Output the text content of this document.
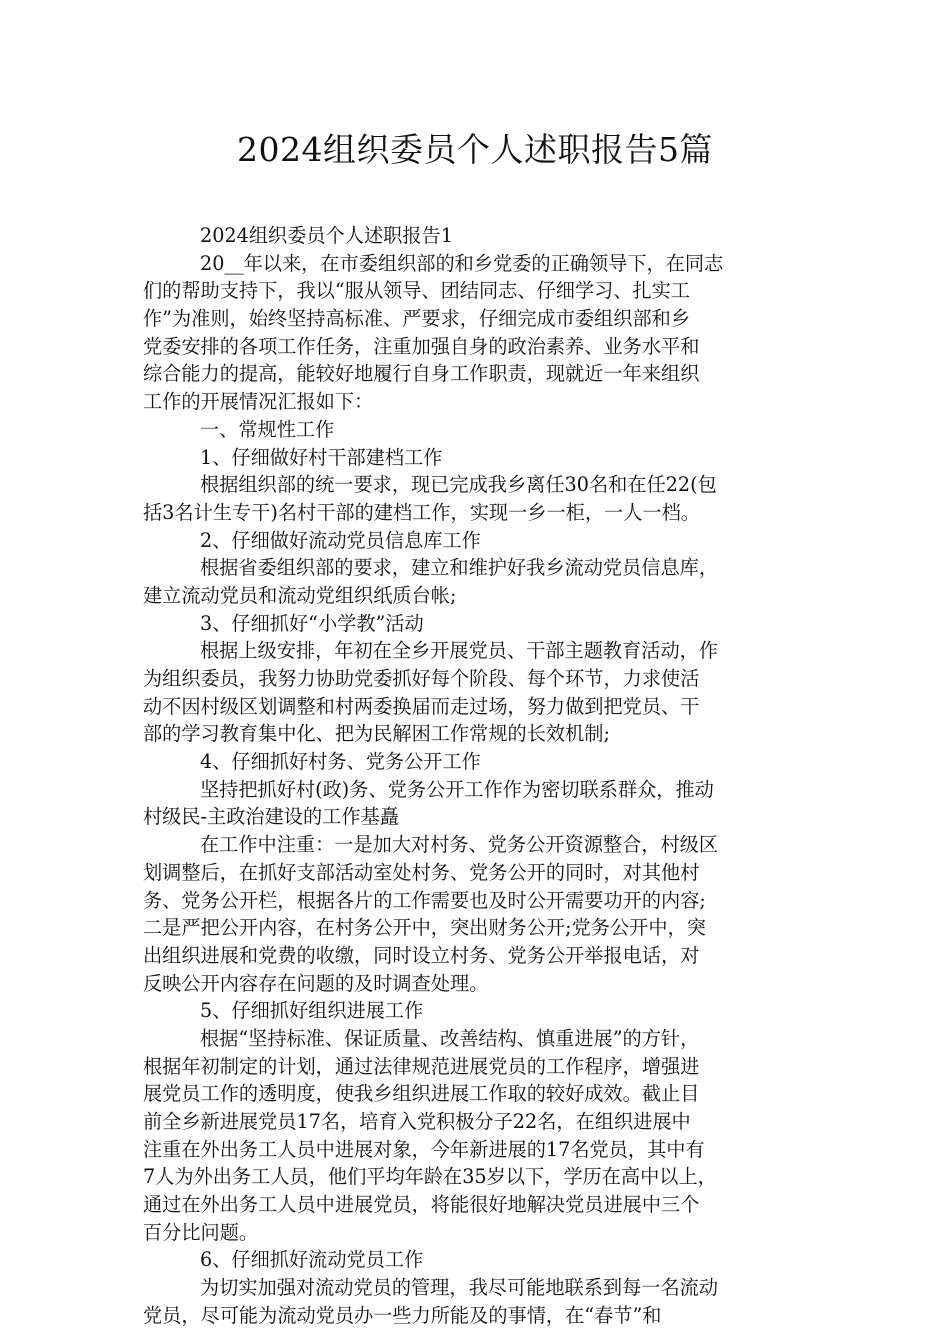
2024组织委员个人述职报告5篇
2024组织委员个人述职报告1
20__年以来，在市委组织部的和乡党委的正确领导下，在同志
们的帮助支持下，我以“服从领导、团结同志、仔细学习、扎实工
作”为准则，始终坚持高标准、严要求，仔细完成市委组织部和乡
党委安排的各项工作任务，注重加强自身的政治素养、业务水平和
综合能力的提高，能较好地履行自身工作职责，现就近一年来组织
工作的开展情况汇报如下：
一、常规性工作
1、仔细做好村干部建档工作
根据组织部的统一要求，现已完成我乡离任30名和在任22(包
括3名计生专干)名村干部的建档工作，实现一乡一柜，一人一档。
2、仔细做好流动党员信息库工作
根据省委组织部的要求，建立和维护好我乡流动党员信息库，
建立流动党员和流动党组织纸质台帐;
3、仔细抓好“小学教”活动
根据上级安排，年初在全乡开展党员、干部主题教育活动，作
为组织委员，我努力协助党委抓好每个阶段、每个环节，力求使活
动不因村级区划调整和村两委换届而走过场，努力做到把党员、干
部的学习教育集中化、把为民解困工作常规的长效机制;
4、仔细抓好村务、党务公开工作
坚持把抓好村(政)务、党务公开工作作为密切联系群众，推动
村级民-主政治建设的工作基矗
在工作中注重：一是加大对村务、党务公开资源整合，村级区
划调整后，在抓好支部活动室处村务、党务公开的同时，对其他村
务、党务公开栏，根据各片的工作需要也及时公开需要功开的内容;
二是严把公开内容，在村务公开中，突出财务公开;党务公开中，突
出组织进展和党费的收缴，同时设立村务、党务公开举报电话，对
反映公开内容存在问题的及时调查处理。
5、仔细抓好组织进展工作
根据“坚持标准、保证质量、改善结构、慎重进展”的方针，
根据年初制定的计划，通过法律规范进展党员的工作程序，增强进
展党员工作的透明度，使我乡组织进展工作取的较好成效。截止目
前全乡新进展党员17名，培育入党积极分子22名，在组织进展中
注重在外出务工人员中进展对象，今年新进展的17名党员，其中有
7人为外出务工人员，他们平均年龄在35岁以下，学历在高中以上，
通过在外出务工人员中进展党员，将能很好地解决党员进展中三个
百分比问题。
6、仔细抓好流动党员工作
为切实加强对流动党员的管理，我尽可能地联系到每一名流动
党员，尽可能为流动党员办一些力所能及的事情，在“春节”和
